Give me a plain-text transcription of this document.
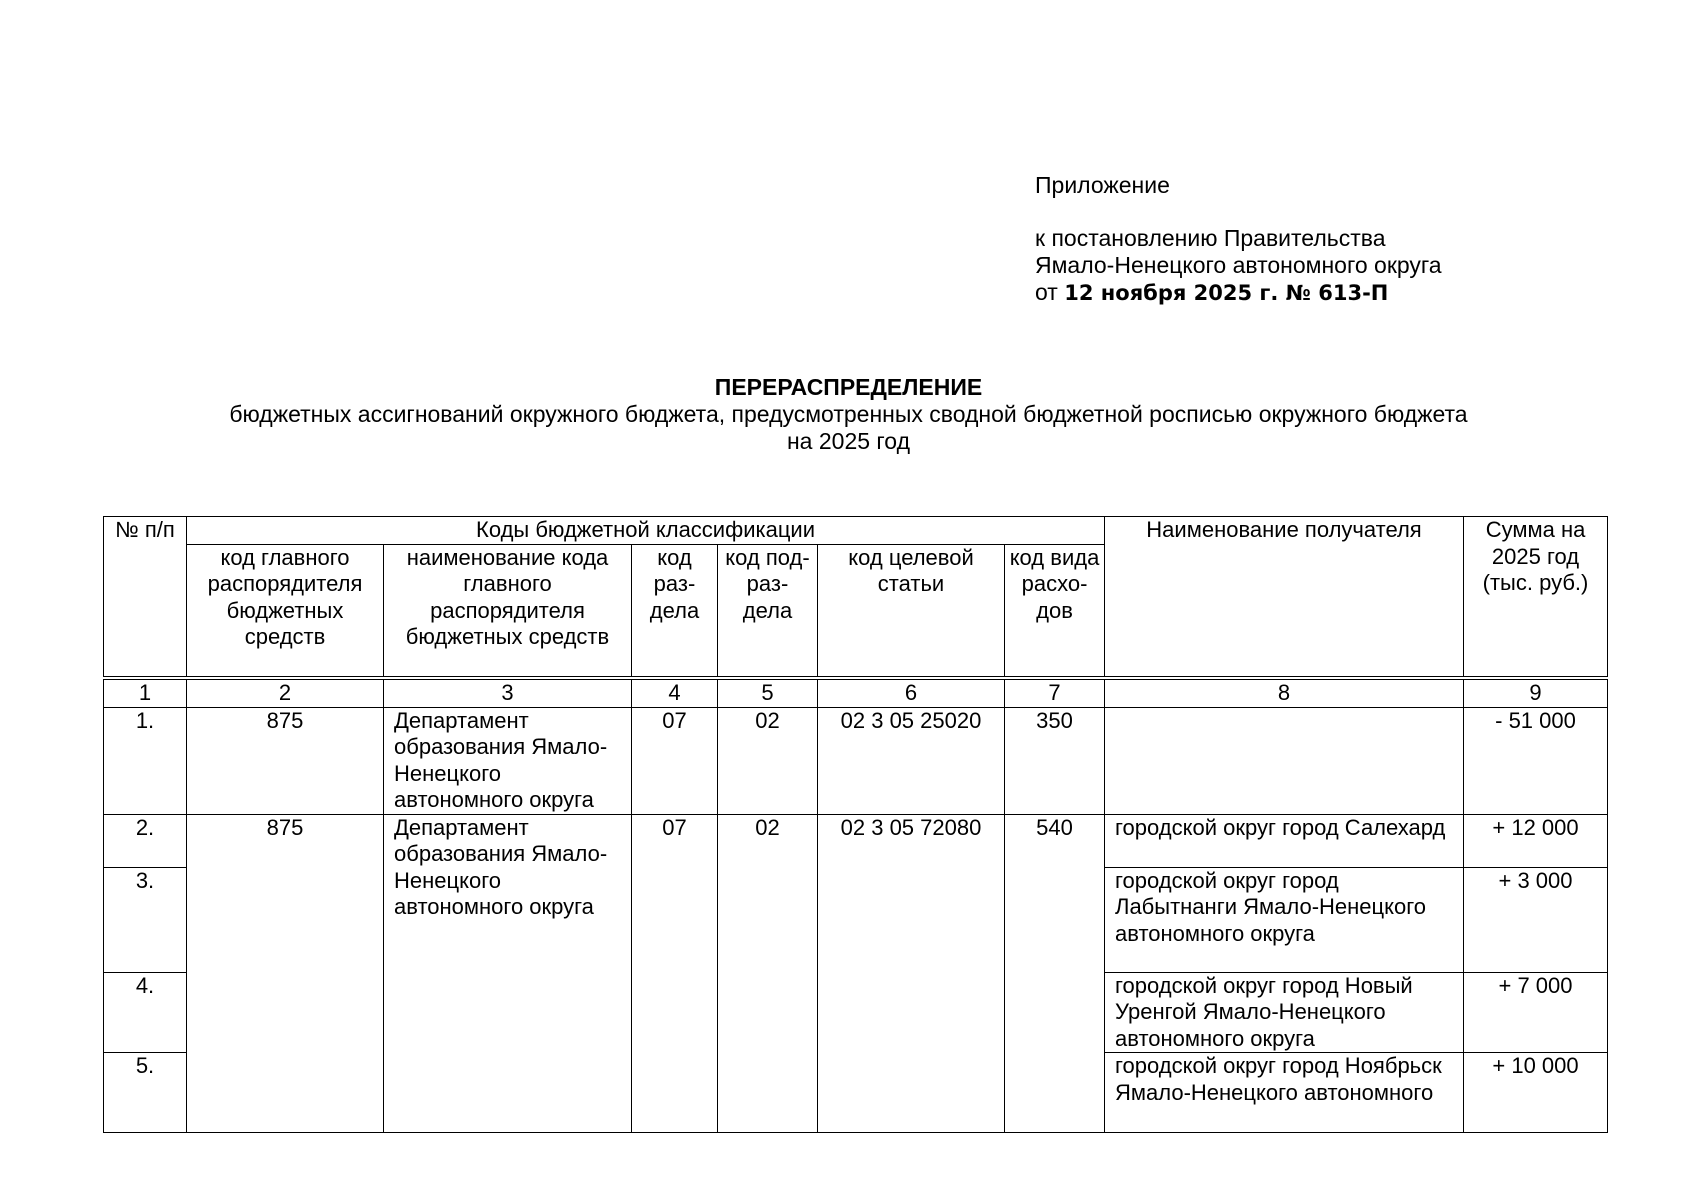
Приложение
к постановлению Правительства
Ямало-Ненецкого автономного округа
от 12 ноября 2025 г. № 613-П
ПЕРЕРАСПРЕДЕЛЕНИЕ
бюджетных ассигнований окружного бюджета, предусмотренных сводной бюджетной росписью окружного бюджета
на 2025 год
№ п/п	Коды бюджетной классификации						Наименование получателя	Сумма на 2025 год (тыс. руб.)
	код главного распорядителя бюджетных средств	наименование кода главного распорядителя бюджетных средств	код раз-дела	код под-раз-дела	код целевой статьи	код вида расхо-дов		
1	2	3	4	5	6	7	8	9
1.	875	Департамент образования Ямало-Ненецкого автономного округа	07	02	02 3 05 25020	350		- 51 000
2.	875	Департамент образования Ямало-Ненецкого автономного округа	07	02	02 3 05 72080	540	городской округ город Салехард	+ 12 000
3.							городской округ город Лабытнанги Ямало-Ненецкого автономного округа	+ 3 000
4.							городской округ город Новый Уренгой Ямало-Ненецкого автономного округа	+ 7 000
5.							городской округ город Ноябрьск Ямало-Ненецкого автономного	+ 10 000
